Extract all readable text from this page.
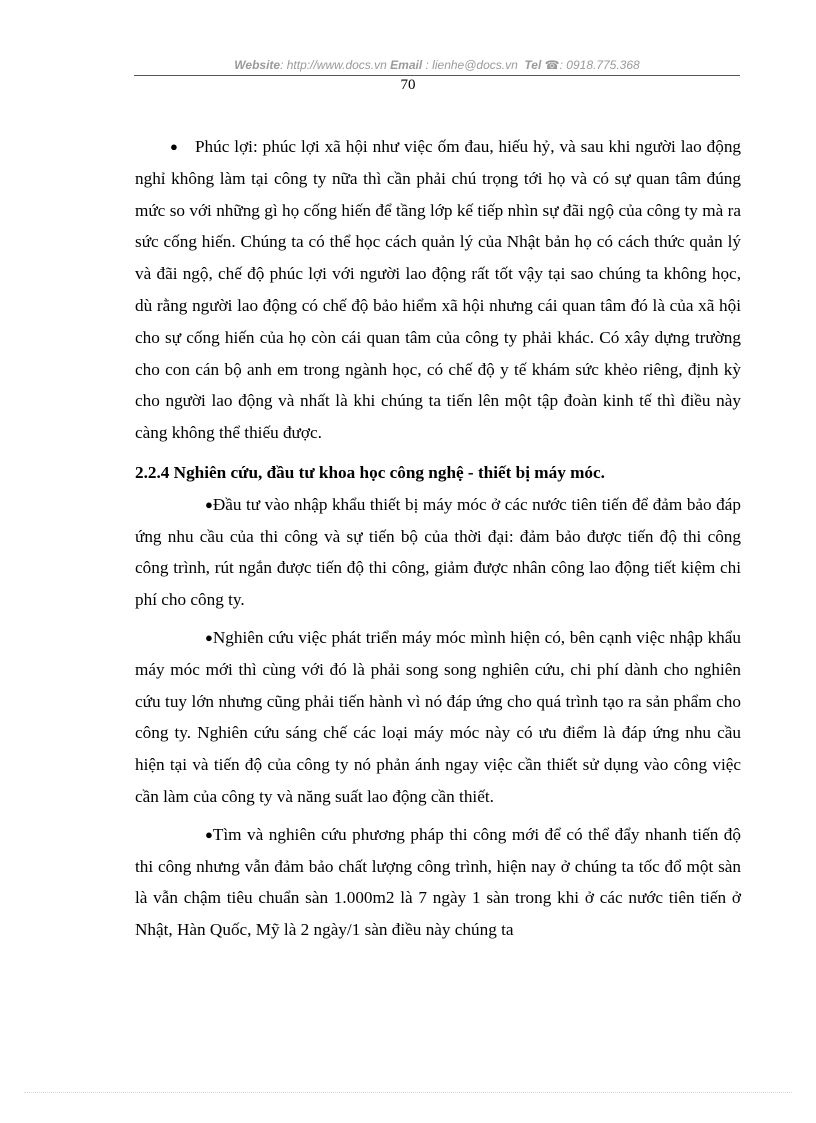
Website: http://www.docs.vn Email : lienhe@docs.vn Tel ☎: 0918.775.368
70

● Phúc lợi: phúc lợi xã hội như việc ốm đau, hiếu hỷ, và sau khi người lao động nghỉ không làm tại công ty nữa thì cần phải chú trọng tới họ và có sự quan tâm đúng mức so với những gì họ cống hiến để tầng lớp kế tiếp nhìn sự đãi ngộ của công ty mà ra sức cống hiến. Chúng ta có thể học cách quản lý của Nhật bản họ có cách thức quản lý và đãi ngộ, chế độ phúc lợi với người lao động rất tốt vậy tại sao chúng ta không học, dù rằng người lao động có chế độ bảo hiểm xã hội nhưng cái quan tâm đó là của xã hội cho sự cống hiến của họ còn cái quan tâm của công ty phải khác. Có xây dựng trường cho con cán bộ anh em trong ngành học, có chế độ y tế khám sức khẻo riêng, định kỳ cho người lao động và nhất là khi chúng ta tiến lên một tập đoàn kinh tế thì điều này càng không thể thiếu được.

2.2.4 Nghiên cứu, đầu tư khoa học công nghệ - thiết bị máy móc.

●Đầu tư vào nhập khẩu thiết bị máy móc ở các nước tiên tiến để đảm bảo đáp ứng nhu cầu của thi công và sự tiến bộ của thời đại: đảm bảo được tiến độ thi công công trình, rút ngắn được tiến độ thi công, giảm được nhân công lao động tiết kiệm chi phí cho công ty.

●Nghiên cứu việc phát triển máy móc mình hiện có, bên cạnh việc nhập khẩu máy móc mới thì cùng với đó là phải song song nghiên cứu, chi phí dành cho nghiên cứu tuy lớn nhưng cũng phải tiến hành vì nó đáp ứng cho quá trình tạo ra sản phẩm cho công ty. Nghiên cứu sáng chế các loại máy móc này có ưu điểm là đáp ứng nhu cầu hiện tại và tiến độ của công ty nó phản ánh ngay việc cần thiết sử dụng vào công việc cần làm của công ty và năng suất lao động cần thiết.

●Tìm và nghiên cứu phương pháp thi công mới để có thể đẩy nhanh tiến độ thi công nhưng vẫn đảm bảo chất lượng công trình, hiện nay ở chúng ta tốc đổ một sàn là vẫn chậm tiêu chuẩn sàn 1.000m2 là 7 ngày 1 sàn trong khi ở các nước tiên tiến ở Nhật, Hàn Quốc, Mỹ là 2 ngày/1 sàn điều này chúng ta
